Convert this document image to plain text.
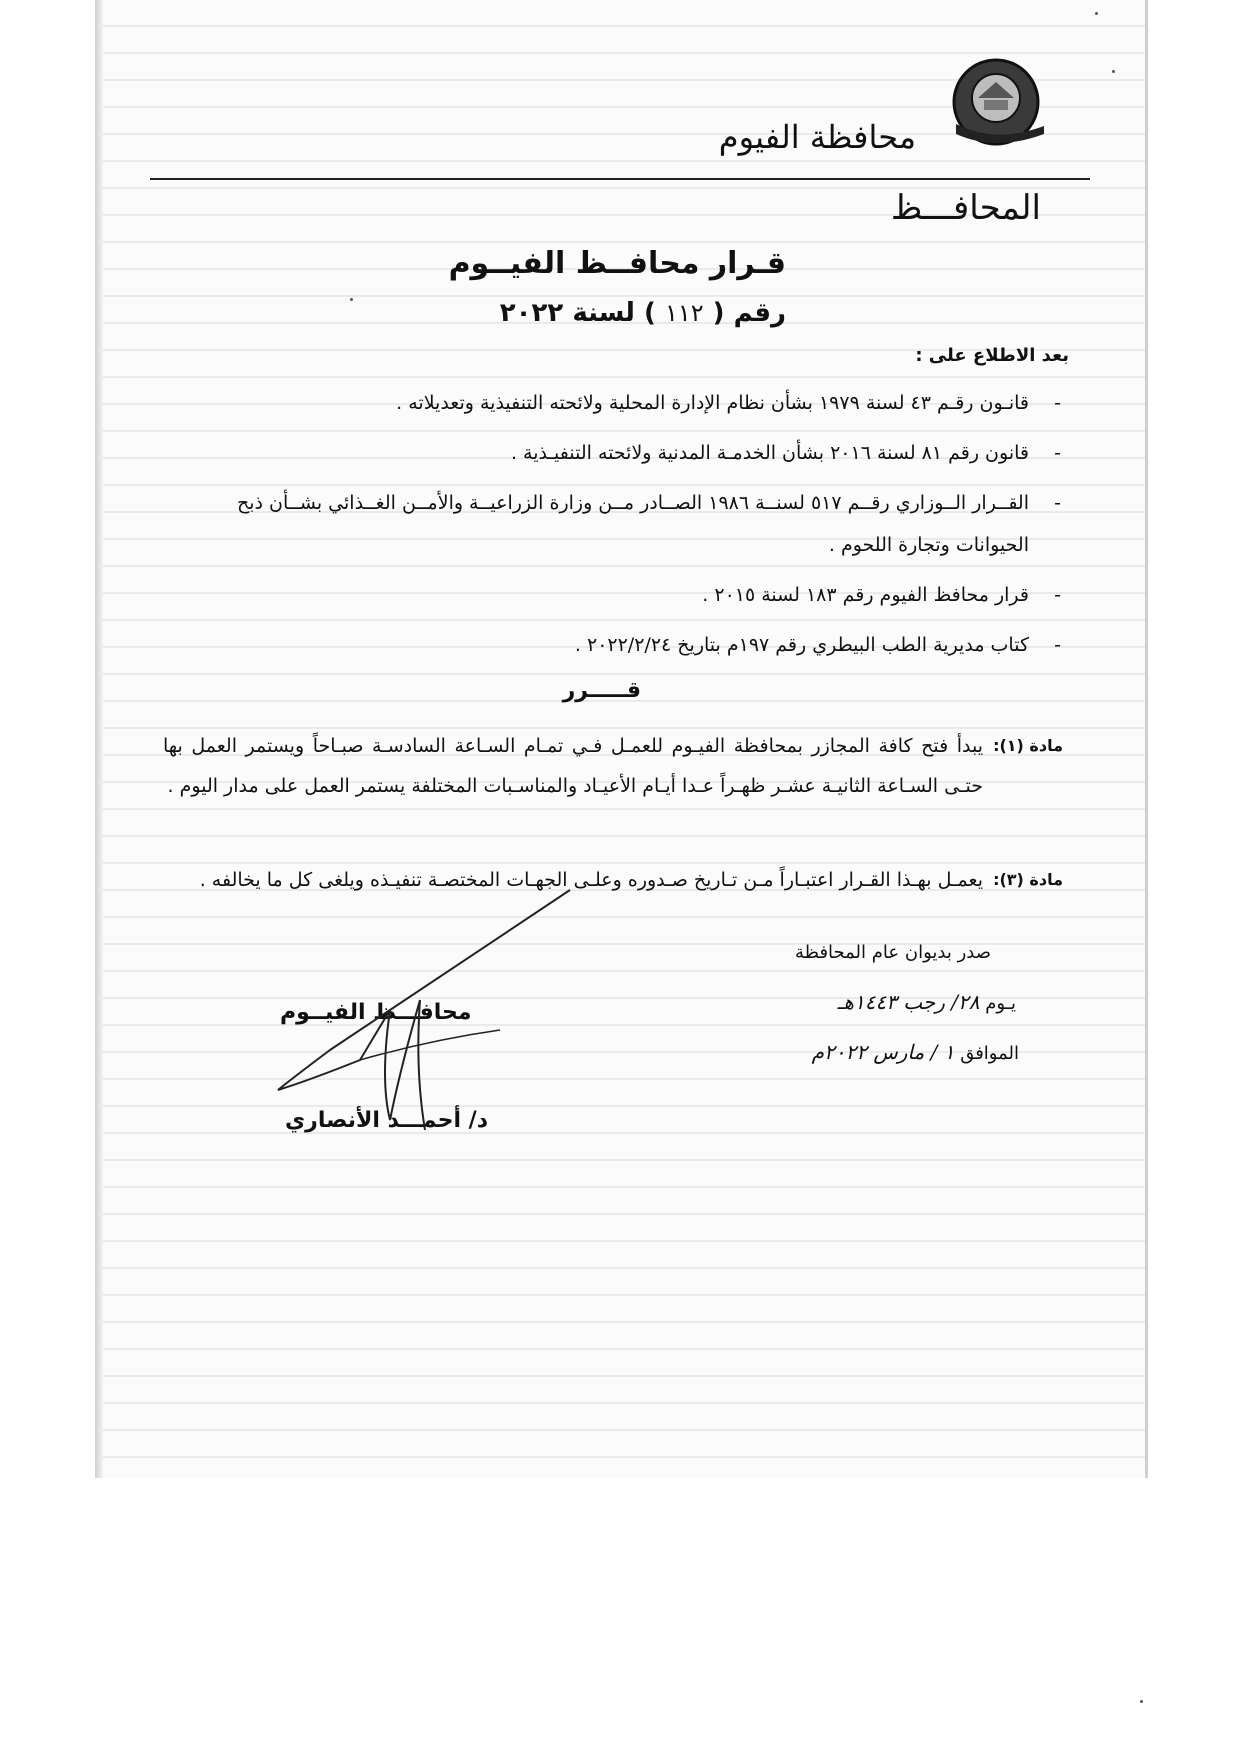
محافظة الفيوم
المحافـــظ
قـرار محافــظ الفيــوم
رقم ( ١١٢ ) لسنة ٢٠٢٢
بعد الاطلاع على :
-
قانـون رقـم ٤٣ لسنة ١٩٧٩ بشأن نظام الإدارة المحلية ولائحته التنفيذية وتعديلاته .
-
قانون رقم ٨١ لسنة ٢٠١٦ بشأن الخدمـة المدنية ولائحته التنفيـذية .
-
القــرار الــوزاري رقــم ٥١٧ لسنــة ١٩٨٦ الصــادر مــن وزارة الزراعيــة والأمــن الغــذائي بشــأن ذبح الحيوانات وتجارة اللحوم .
-
قرار محافظ الفيوم رقم ١٨٣ لسنة ٢٠١٥ .
-
كتاب مديرية الطب البيطري رقم ١٩٧م بتاريخ ٢٠٢٢/٢/٢٤ .
قـــــرر
مادة (١):
يبدأ فتح كافة المجازر بمحافظة الفيـوم للعمـل فـي تمـام السـاعة السادسـة صبـاحاً ويستمر العمل بها حتـى السـاعة الثانيـة عشـر ظهـراً عـدا أيـام الأعيـاد والمناسـبات المختلفة يستمر العمل على مدار اليوم .
مادة (٣):
يعمـل بهـذا القـرار اعتبـاراً مـن تـاريخ صـدوره وعلـى الجهـات المختصـة تنفيـذه ويلغى كل ما يخالفه .
صدر بديوان عام المحافظة
يـوم ٢٨/ رجب ١٤٤٣هـ
الموافق ١ / مارس ٢٠٢٢م
محافـــظ الفيــوم
د/ أحمـــد الأنصاري
